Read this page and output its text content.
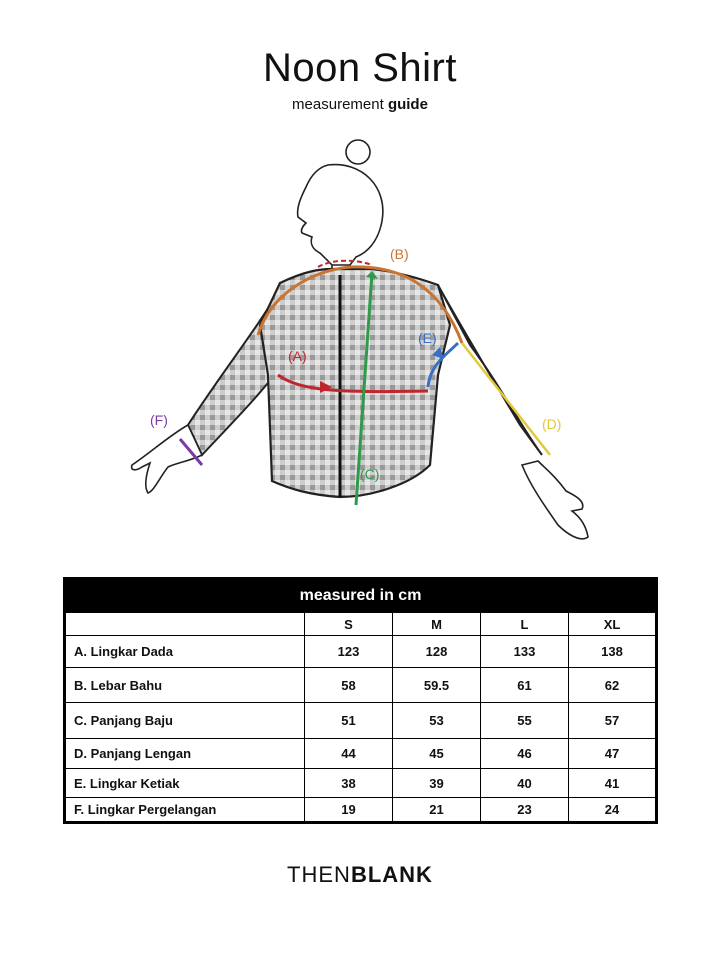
Noon Shirt
measurement guide
(A)
(B)
(C)
(D)
(E)
(F)
measured in cm				
	S	M	L	XL
A. Lingkar Dada	123	128	133	138
B. Lebar Bahu	58	59.5	61	62
C. Panjang Baju	51	53	55	57
D. Panjang Lengan	44	45	46	47
E. Lingkar Ketiak	38	39	40	41
F. Lingkar Pergelangan	19	21	23	24
THENBLANK
